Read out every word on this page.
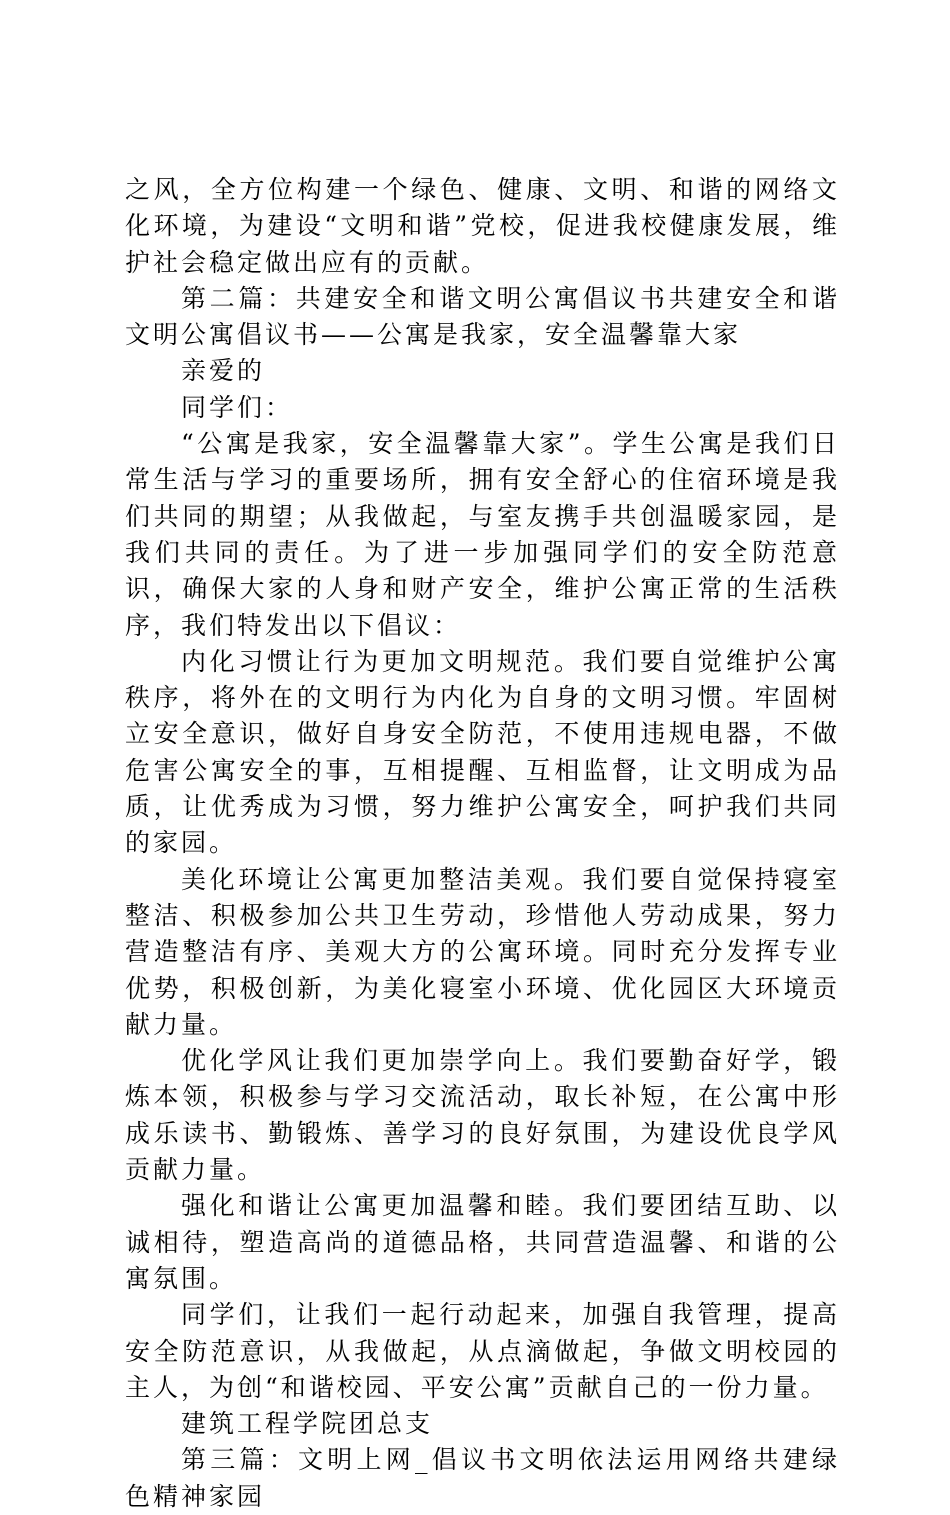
之风，全方位构建一个绿色、健康、文明、和谐的网络文化环境，为建设“文明和谐”党校，促进我校健康发展，维护社会稳定做出应有的贡献。

第二篇：共建安全和谐文明公寓倡议书共建安全和谐文明公寓倡议书——公寓是我家，安全温馨靠大家

亲爱的

同学们：

“公寓是我家，安全温馨靠大家”。学生公寓是我们日常生活与学习的重要场所，拥有安全舒心的住宿环境是我们共同的期望；从我做起，与室友携手共创温暖家园，是我们共同的责任。为了进一步加强同学们的安全防范意识，确保大家的人身和财产安全，维护公寓正常的生活秩序，我们特发出以下倡议：

内化习惯让行为更加文明规范。我们要自觉维护公寓秩序，将外在的文明行为内化为自身的文明习惯。牢固树立安全意识，做好自身安全防范，不使用违规电器，不做危害公寓安全的事，互相提醒、互相监督，让文明成为品质，让优秀成为习惯，努力维护公寓安全，呵护我们共同的家园。

美化环境让公寓更加整洁美观。我们要自觉保持寝室整洁、积极参加公共卫生劳动，珍惜他人劳动成果，努力营造整洁有序、美观大方的公寓环境。同时充分发挥专业优势，积极创新，为美化寝室小环境、优化园区大环境贡献力量。

优化学风让我们更加崇学向上。我们要勤奋好学，锻炼本领，积极参与学习交流活动，取长补短，在公寓中形成乐读书、勤锻炼、善学习的良好氛围，为建设优良学风贡献力量。

强化和谐让公寓更加温馨和睦。我们要团结互助、以诚相待，塑造高尚的道德品格，共同营造温馨、和谐的公寓氛围。

同学们，让我们一起行动起来，加强自我管理，提高安全防范意识，从我做起，从点滴做起，争做文明校园的主人，为创“和谐校园、平安公寓”贡献自己的一份力量。

建筑工程学院团总支

第三篇：文明上网_倡议书文明依法运用网络共建绿色精神家园
